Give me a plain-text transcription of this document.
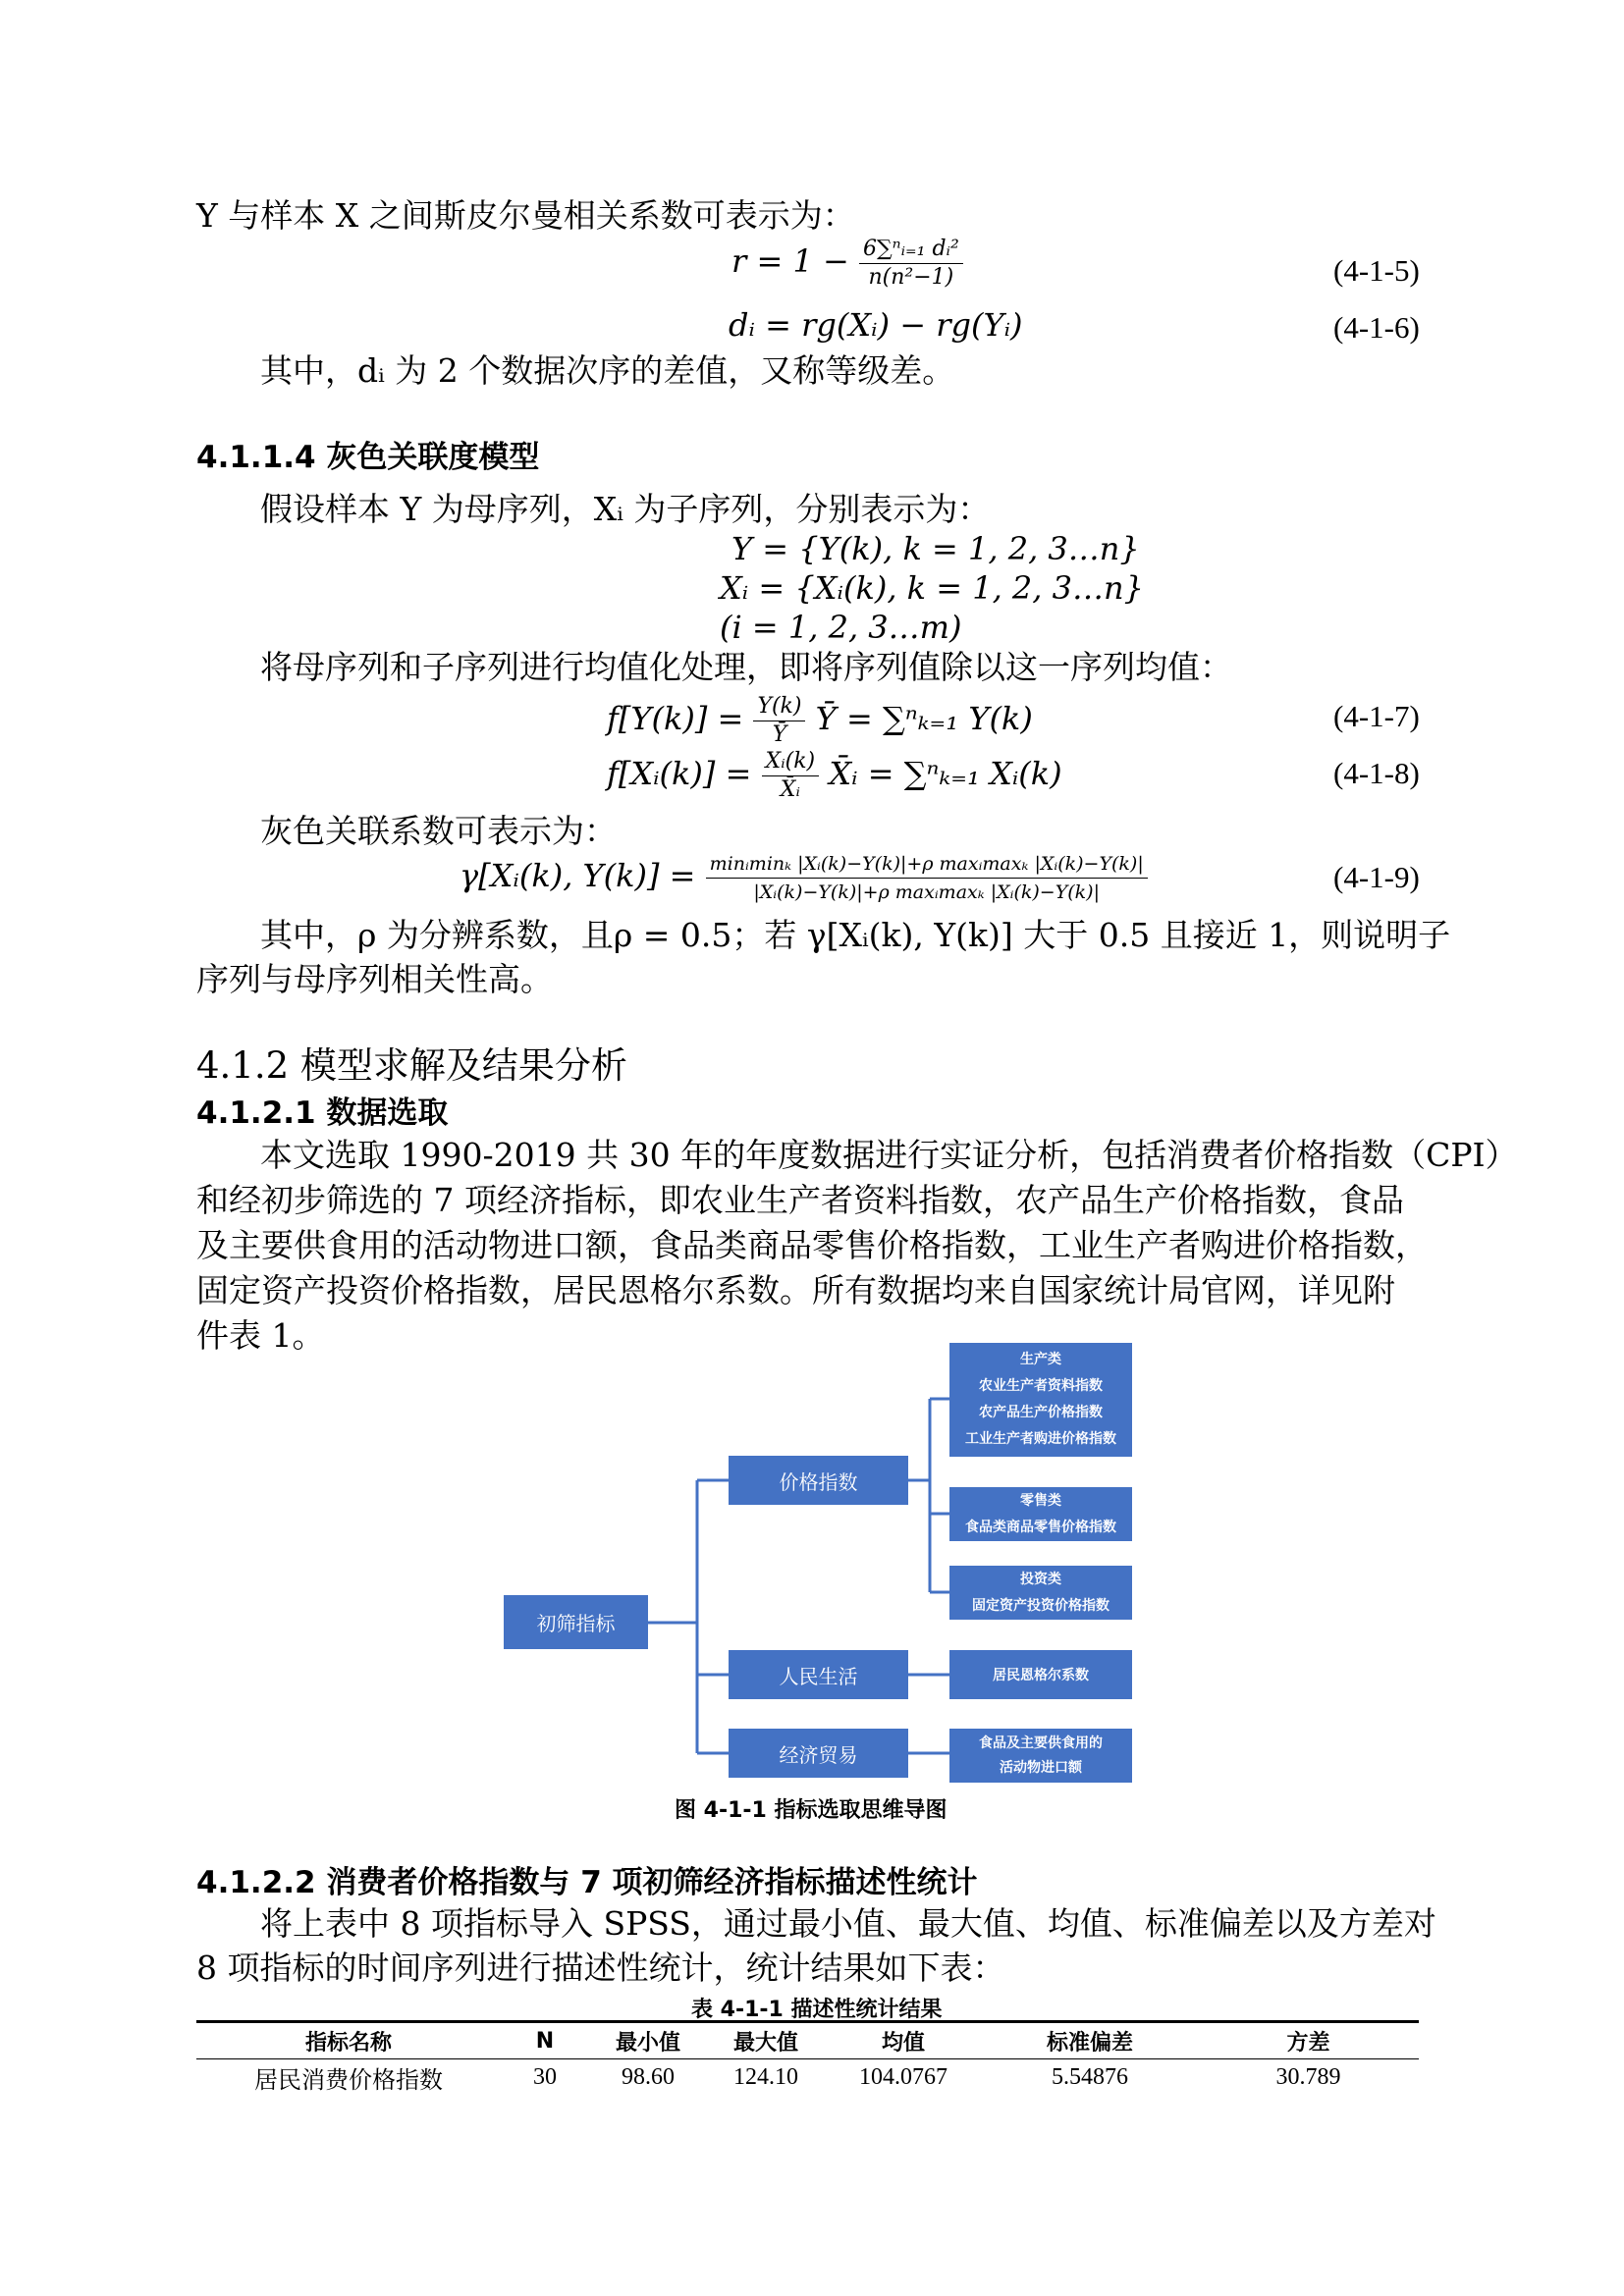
Y 与样本 X 之间斯皮尔曼相关系数可表示为：
$r = 1 - \frac{\text{6∑ⁿᵢ₌₁ dᵢ²}}{\text{n(n²−1)}}$	(4-1-5)
dᵢ = rg(Xᵢ) − rg(Yᵢ)	(4-1-6)
其中，dᵢ 为 2 个数据次序的差值，又称等级差。
4.1.1.4 灰色关联度模型
假设样本 Y 为母序列，Xᵢ 为子序列，分别表示为：
Y = {Y(k), k = 1, 2, 3…n}
Xᵢ = {Xᵢ(k), k = 1, 2, 3…n}
(i = 1, 2, 3…m)
将母序列和子序列进行均值化处理，即将序列值除以这一序列均值：
$f[Y(k)] = \frac{Y(k)}{Ȳ}$ Ȳ = ∑ⁿₖ₌₁ Y(k)	(4-1-7)
f[Xᵢ(k)] = $\frac{\text{Xᵢ(k)}}{\text{X̄ᵢ}}$ X̄ᵢ = ∑ⁿₖ₌₁ Xᵢ(k)	(4-1-8)
灰色关联系数可表示为：
γ[Xᵢ(k), $Y(k)] = \frac{\text{minᵢminₖ |Xᵢ(k)−Y(k)|+ρ maxᵢmaxₖ |Xᵢ(k)−Y(k)|}}{\text{|Xᵢ(k)−Y(k)|+ρ maxᵢmaxₖ |Xᵢ(k)−Y(k)|}}$	(4-1-9)
其中，ρ 为分辨系数，且ρ = 0.5；若 γ[Xᵢ(k), Y(k)] 大于 0.5 且接近 1，则说明子
序列与母序列相关性高。
4.1.2 模型求解及结果分析
4.1.2.1 数据选取
本文选取 1990-2019 共 30 年的年度数据进行实证分析，包括消费者价格指数（CPI）
和经初步筛选的 7 项经济指标，即农业生产者资料指数，农产品生产价格指数，食品
及主要供食用的活动物进口额，食品类商品零售价格指数，工业生产者购进价格指数，
固定资产投资价格指数，居民恩格尔系数。所有数据均来自国家统计局官网，详见附
件表 1。
初筛指标
价格指数
人民生活
经济贸易
生产类
农业生产者资料指数
农产品生产价格指数
工业生产者购进价格指数
零售类
食品类商品零售价格指数
投资类
固定资产投资价格指数
居民恩格尔系数
食品及主要供食用的
活动物进口额
图 4-1-1 指标选取思维导图
4.1.2.2 消费者价格指数与 7 项初筛经济指标描述性统计
将上表中 8 项指标导入 SPSS，通过最小值、最大值、均值、标准偏差以及方差对
8 项指标的时间序列进行描述性统计，统计结果如下表：
表 4-1-1 描述性统计结果
指标名称	N	最小值	最大值	均值	标准偏差	方差
居民消费价格指数	30	98.60	124.10	104.0767	5.54876	30.789
